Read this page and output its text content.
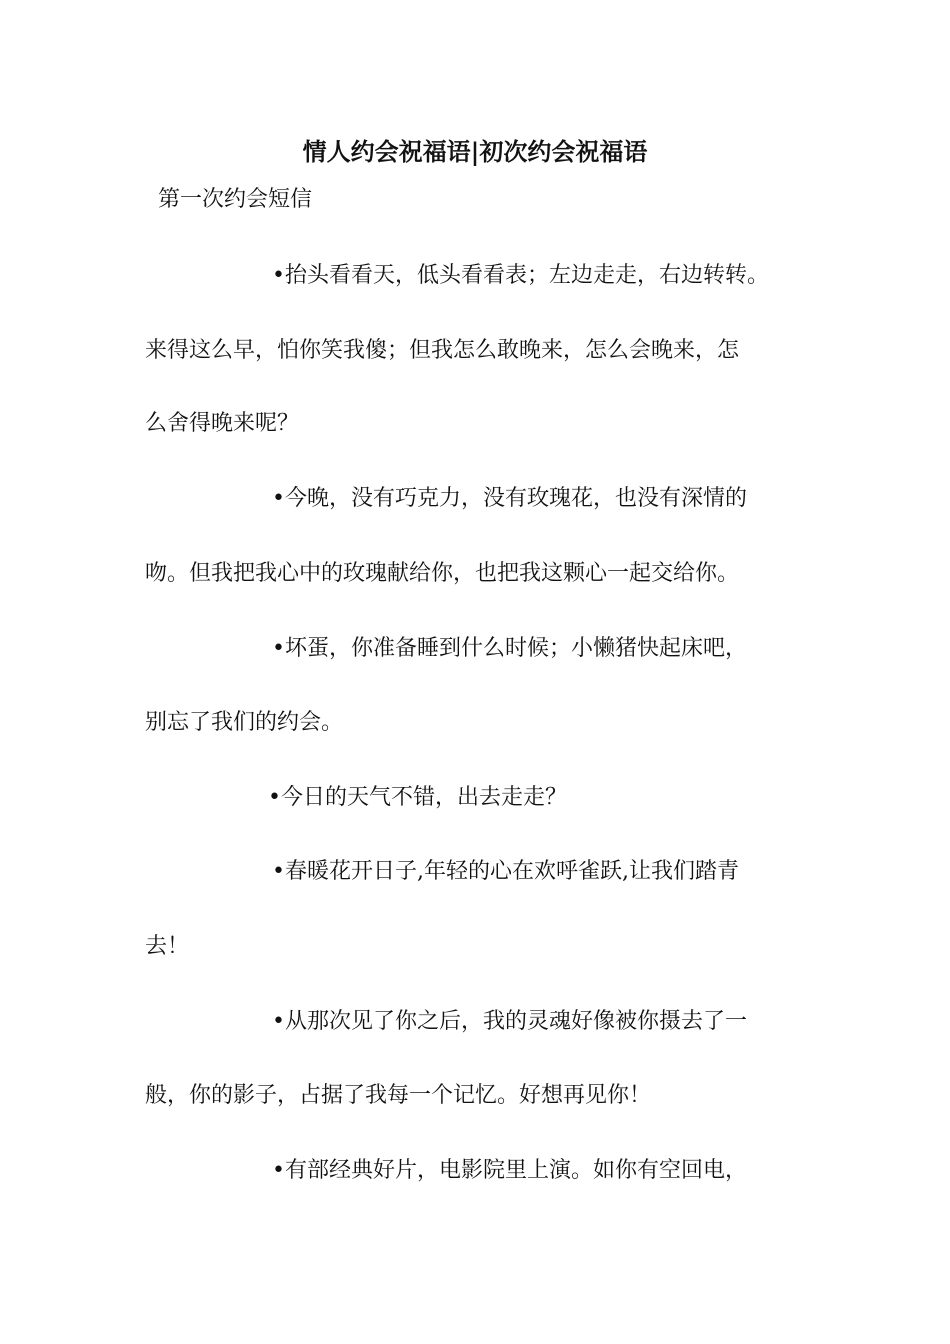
情人约会祝福语|初次约会祝福语
第一次约会短信
•抬头看看天，低头看看表；左边走走，右边转转。
来得这么早，怕你笑我傻；但我怎么敢晚来，怎么会晚来，怎
么舍得晚来呢？
•今晚，没有巧克力，没有玫瑰花，也没有深情的
吻。但我把我心中的玫瑰献给你，也把我这颗心一起交给你。
•坏蛋，你准备睡到什么时候；小懒猪快起床吧，
别忘了我们的约会。
•今日的天气不错，出去走走？
•春暖花开日子,年轻的心在欢呼雀跃,让我们踏青
去！
•从那次见了你之后，我的灵魂好像被你摄去了一
般，你的影子，占据了我每一个记忆。好想再见你！
•有部经典好片，电影院里上演。如你有空回电，
